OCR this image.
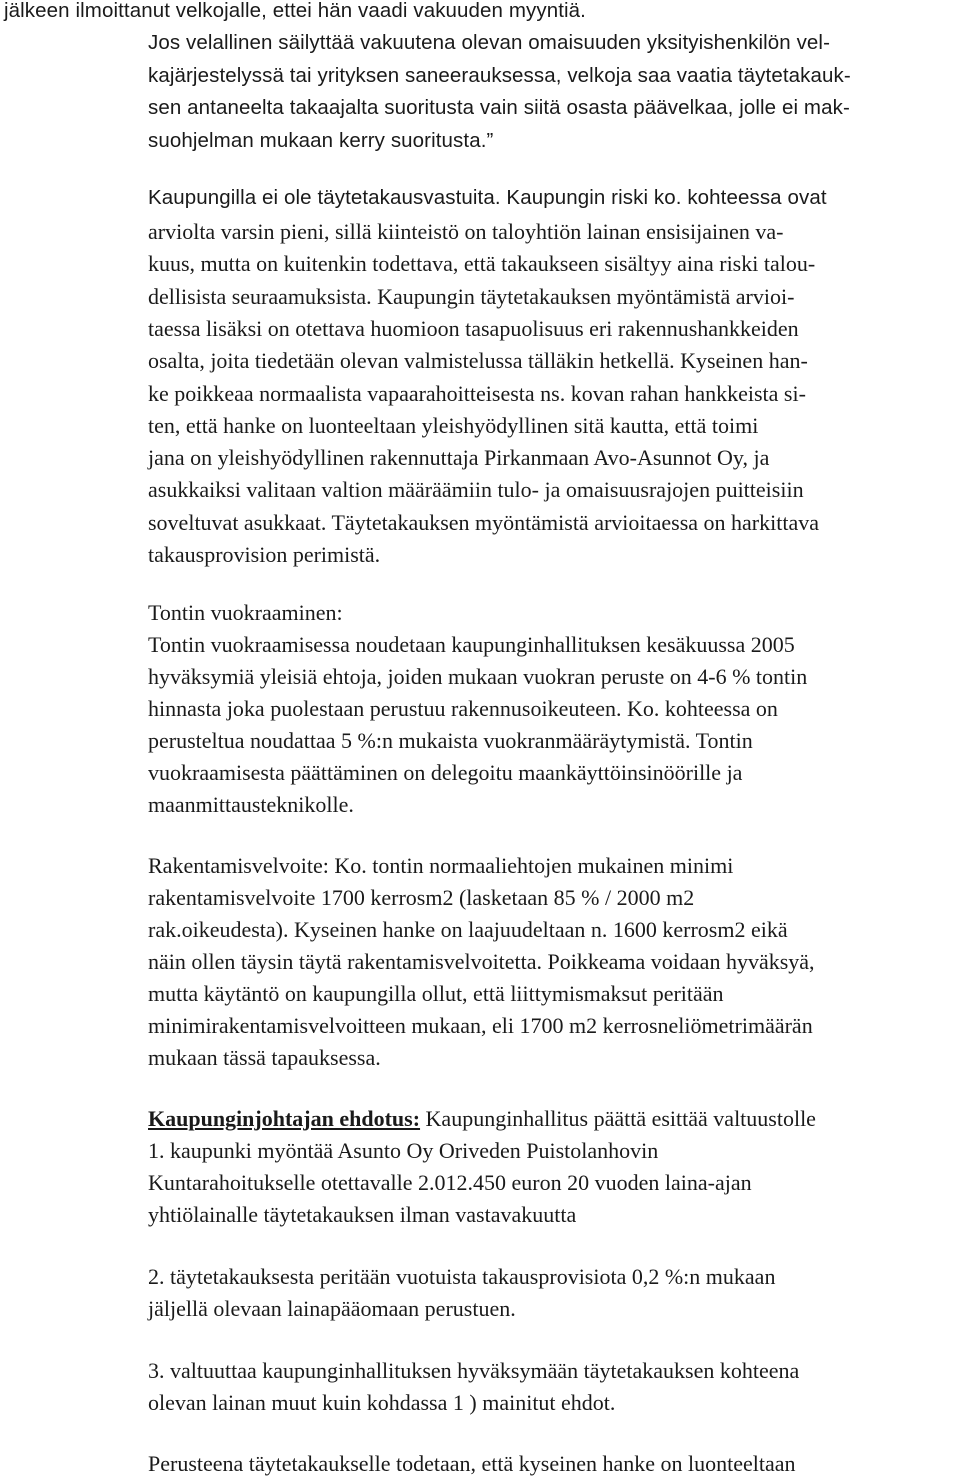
jälkeen ilmoittanut velkojalle, ettei hän vaadi vakuuden myyntiä.
Jos velallinen säilyttää vakuutena olevan omaisuuden yksityishenkilön vel-
kajärjestelyssä tai yrityksen saneerauksessa, velkoja saa vaatia täytetakauk-
sen antaneelta takaajalta suoritusta vain siitä osasta päävelkaa, jolle ei mak-
suohjelman mukaan kerry suoritusta.”
Kaupungilla ei ole täytetakausvastuita. Kaupungin riski ko. kohteessa ovat
arviolta varsin pieni, sillä kiinteistö on taloyhtiön lainan ensisijainen va-
kuus, mutta on kuitenkin todettava, että takaukseen sisältyy aina riski talou-
dellisista seuraamuksista. Kaupungin täytetakauksen myöntämistä arvioi-
taessa lisäksi on otettava huomioon tasapuolisuus eri rakennushankkeiden
osalta, joita tiedetään olevan valmistelussa tälläkin hetkellä. Kyseinen han-
ke poikkeaa normaalista vapaarahoitteisesta ns. kovan rahan hankkeista si-
ten, että hanke on luonteeltaan yleishyödyllinen sitä kautta, että toimi
jana on yleishyödyllinen rakennuttaja Pirkanmaan Avo-Asunnot Oy, ja
asukkaiksi valitaan valtion määräämiin tulo- ja omaisuusrajojen puitteisiin
soveltuvat asukkaat. Täytetakauksen myöntämistä arvioitaessa on harkittava
takausprovision perimistä.
Tontin vuokraaminen:
Tontin vuokraamisessa noudetaan kaupunginhallituksen kesäkuussa 2005
hyväksymiä yleisiä ehtoja, joiden mukaan vuokran peruste on 4-6 % tontin
hinnasta joka puolestaan perustuu rakennusoikeuteen. Ko. kohteessa on
perusteltua noudattaa 5 %:n mukaista vuokranmääräytymistä. Tontin
vuokraamisesta päättäminen on delegoitu maankäyttöinsinöörille ja
maanmittausteknikolle.
Rakentamisvelvoite: Ko. tontin normaaliehtojen mukainen minimi
rakentamisvelvoite 1700 kerrosm2 (lasketaan 85 % / 2000 m2
rak.oikeudesta). Kyseinen hanke on laajuudeltaan n. 1600 kerrosm2 eikä
näin ollen täysin täytä rakentamisvelvoitetta. Poikkeama voidaan hyväksyä,
mutta käytäntö on kaupungilla ollut, että liittymismaksut peritään
minimirakentamisvelvoitteen mukaan, eli 1700 m2 kerrosneliömetrimäärän
mukaan tässä tapauksessa.
Kaupunginjohtajan ehdotus: Kaupunginhallitus päättä esittää valtuustolle
1. kaupunki myöntää Asunto Oy Oriveden Puistolanhovin
Kuntarahoitukselle otettavalle 2.012.450 euron 20 vuoden laina-ajan
yhtiölainalle täytetakauksen ilman vastavakuutta
2. täytetakauksesta peritään vuotuista takausprovisiota 0,2 %:n mukaan
jäljellä olevaan lainapääomaan perustuen.
3. valtuuttaa kaupunginhallituksen hyväksymään täytetakauksen kohteena
olevan lainan muut kuin kohdassa 1 ) mainitut ehdot.
Perusteena täytetakaukselle todetaan, että kyseinen hanke on luonteeltaan
